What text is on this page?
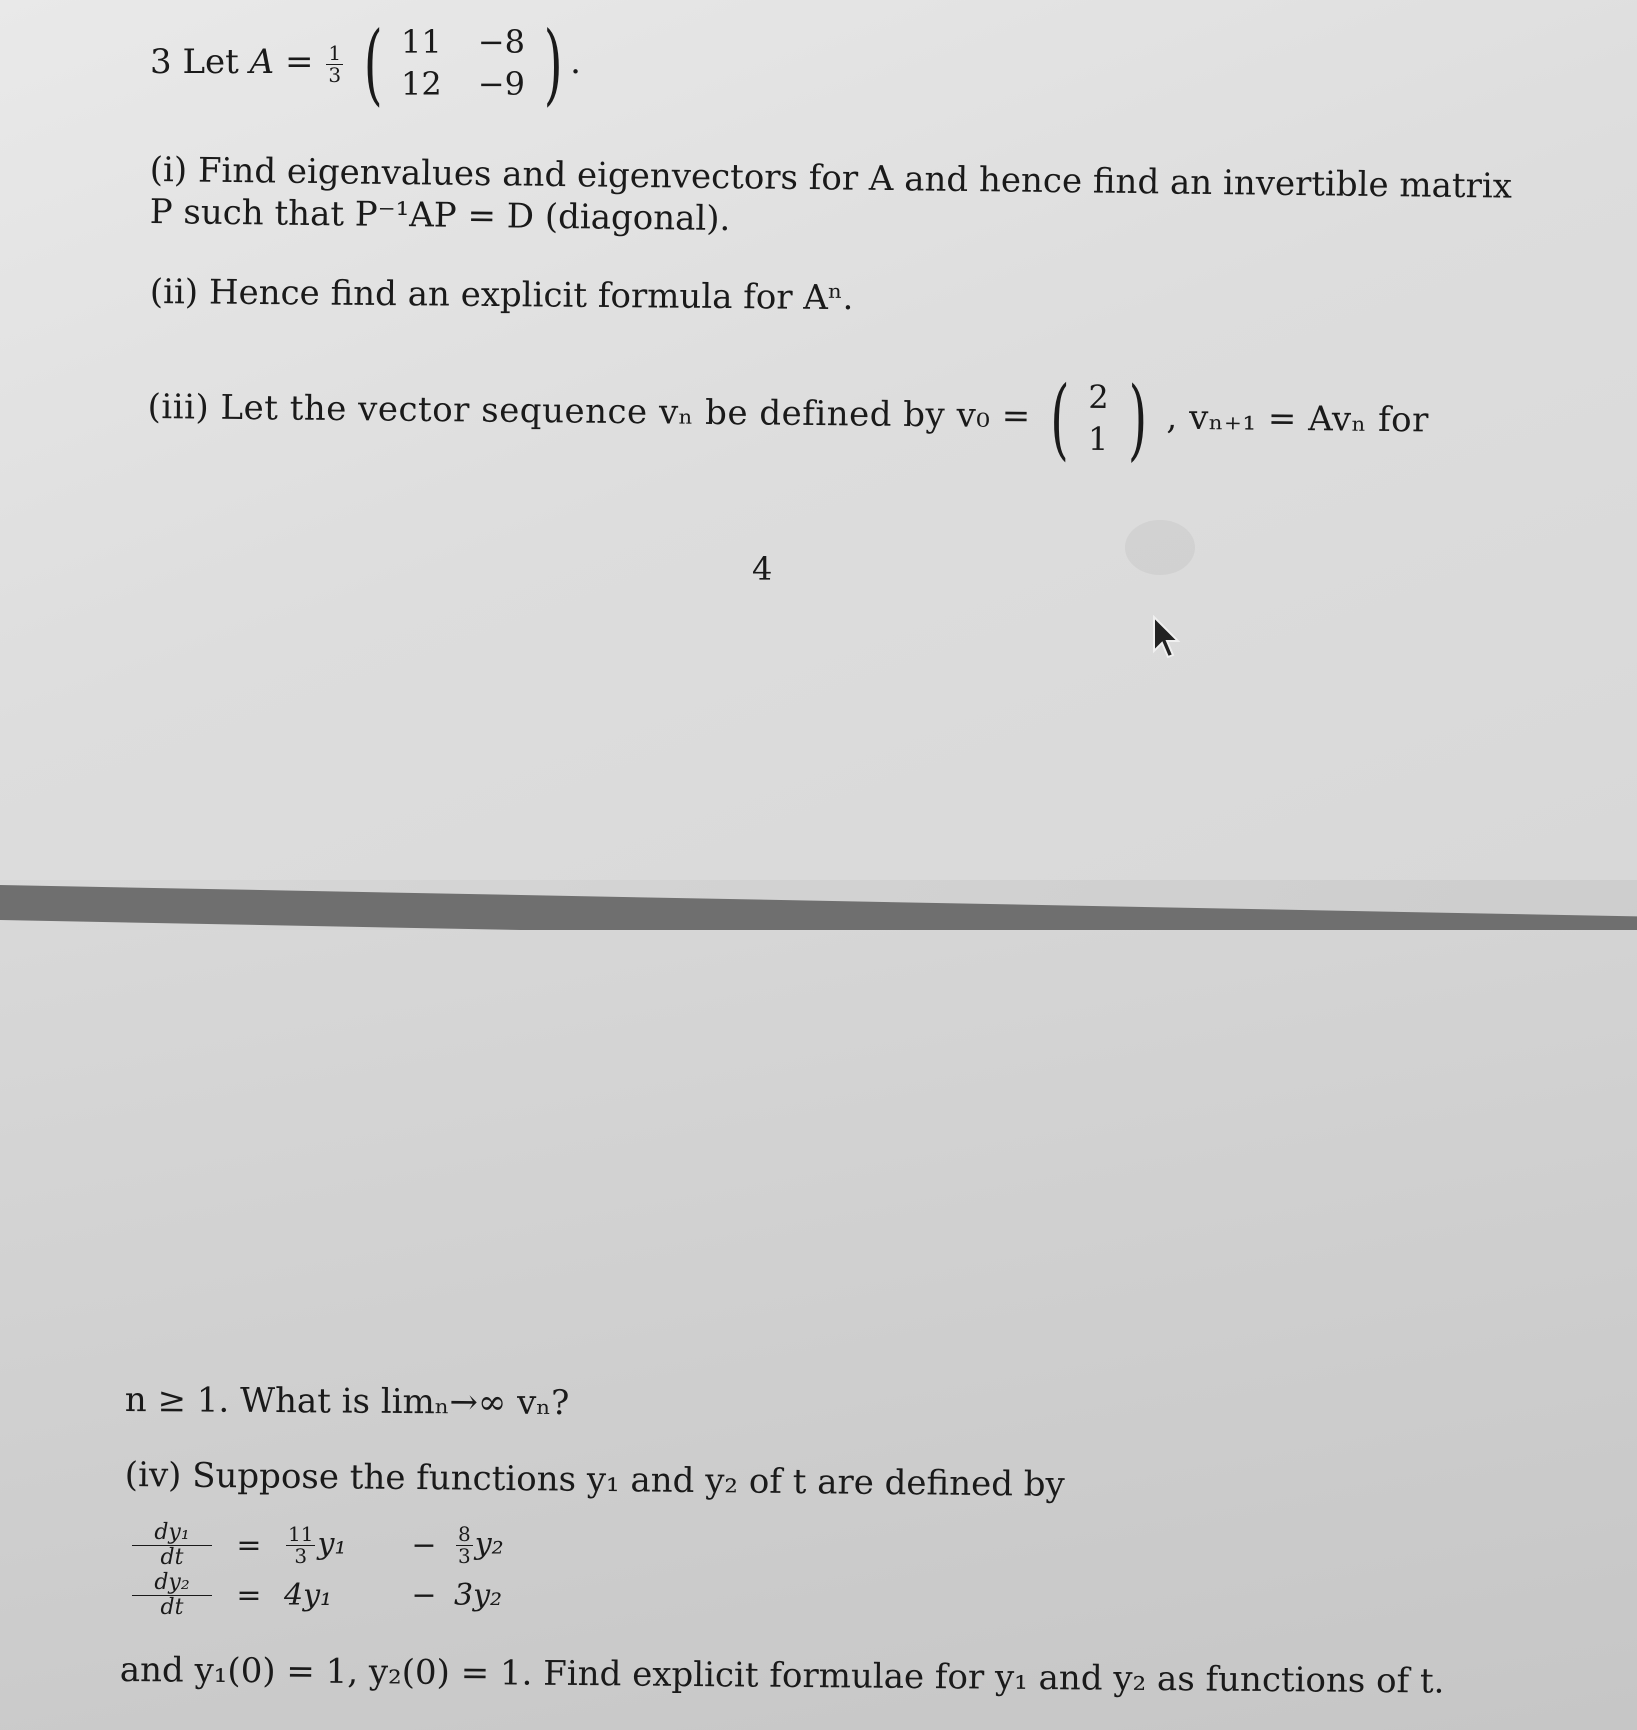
3 Let $A = \frac{1}{3}$ ( 11 −8
12 −9 ) .
(i) Find eigenvalues and eigenvectors for A and hence find an invertible matrix
P such that P⁻¹AP = D (diagonal).
(ii) Hence find an explicit formula for Aⁿ.
(iii) Let the vector sequence vₙ be defined by v₀ = ( 2
1 ) , vₙ₊₁ = Avₙ for
4
n ≥ 1. What is limₙ→∞ vₙ?
(iv) Suppose the functions y₁ and y₂ of t are defined by
$\frac{\text{dy₁}}{dt}$ =	$\frac{11}{3} y_1$	− $\frac{8}{3} y_2$
$\frac{\text{dy₂}}{dt} = 4y_1$	− 3y₂
and y₁(0) = 1, y₂(0) = 1. Find explicit formulae for y₁ and y₂ as functions of t.
